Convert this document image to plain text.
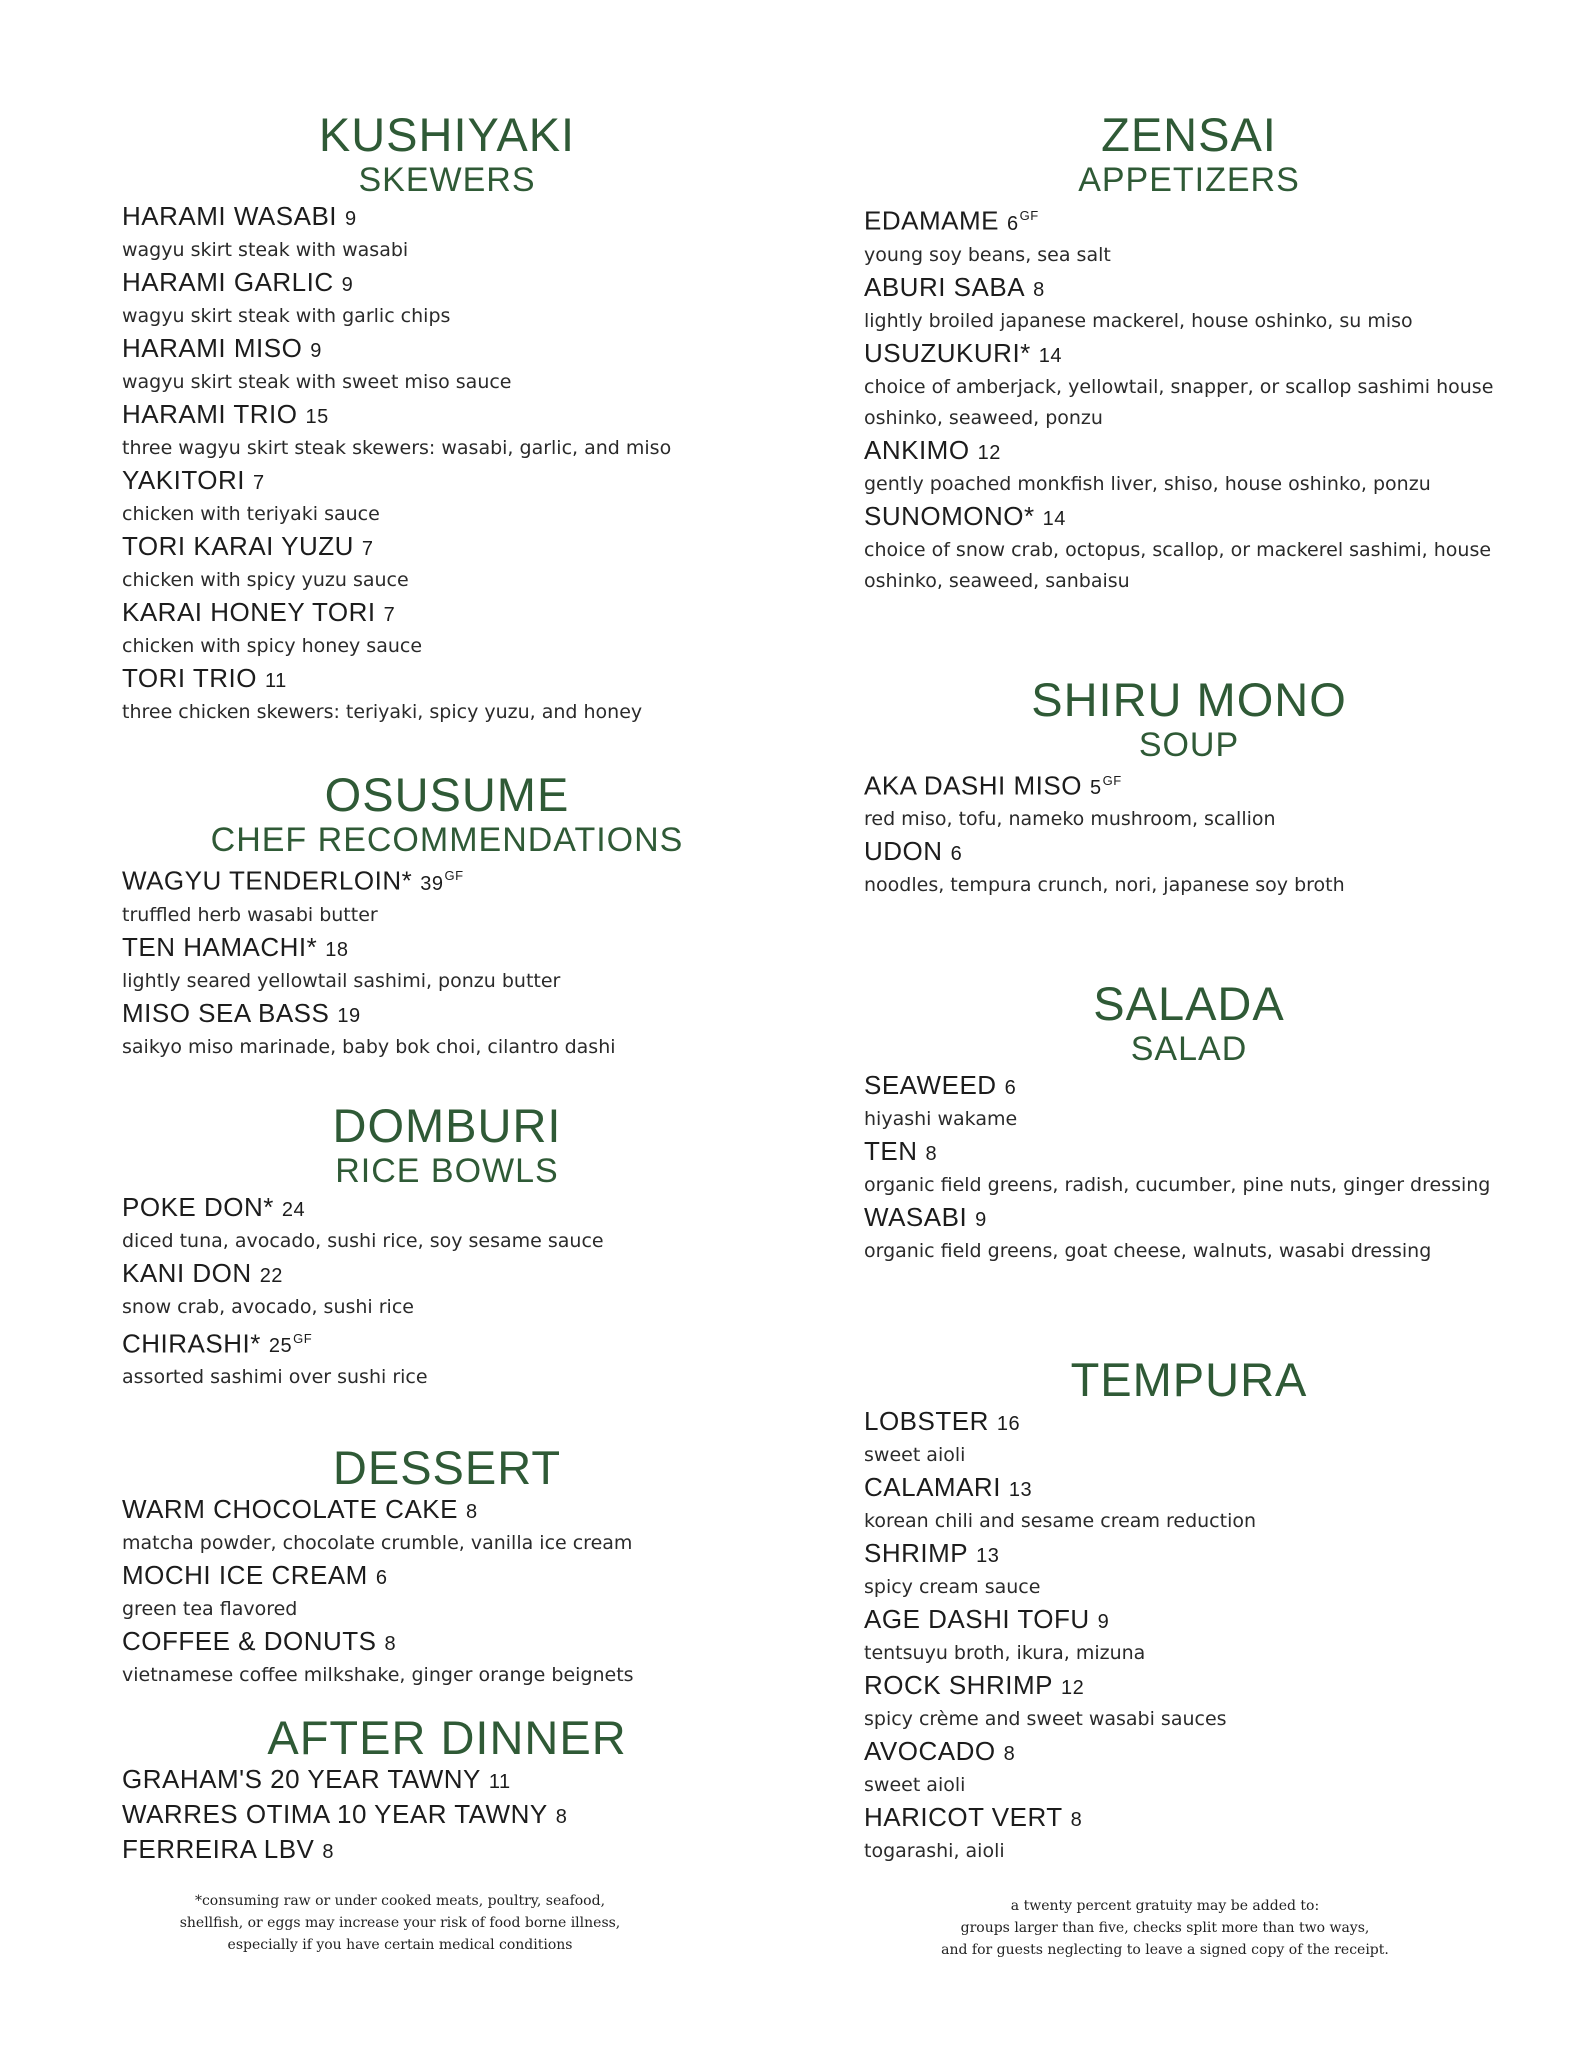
KUSHIYAKI
SKEWERS
HARAMI WASABI 9
wagyu skirt steak with wasabi
HARAMI GARLIC 9
wagyu skirt steak with garlic chips
HARAMI MISO 9
wagyu skirt steak with sweet miso sauce
HARAMI TRIO 15
three wagyu skirt steak skewers: wasabi, garlic, and miso
YAKITORI 7
chicken with teriyaki sauce
TORI KARAI YUZU 7
chicken with spicy yuzu sauce
KARAI HONEY TORI 7
chicken with spicy honey sauce
TORI TRIO 11
three chicken skewers: teriyaki, spicy yuzu, and honey
OSUSUME
CHEF RECOMMENDATIONS
WAGYU TENDERLOIN* $39^{GF}$
truffled herb wasabi butter
TEN HAMACHI* 18
lightly seared yellowtail sashimi, ponzu butter
MISO SEA BASS 19
saikyo miso marinade, baby bok choi, cilantro dashi
DOMBURI
RICE BOWLS
POKE DON* 24
diced tuna, avocado, sushi rice, soy sesame sauce
KANI DON 22
snow crab, avocado, sushi rice
CHIRASHI* $25^{GF}$
assorted sashimi over sushi rice
DESSERT
WARM CHOCOLATE CAKE 8
matcha powder, chocolate crumble, vanilla ice cream
MOCHI ICE CREAM 6
green tea flavored
COFFEE & DONUTS 8
vietnamese coffee milkshake, ginger orange beignets
AFTER DINNER
GRAHAM'S 20 YEAR TAWNY 11
WARRES OTIMA 10 YEAR TAWNY 8
FERREIRA LBV 8
ZENSAI
APPETIZERS
EDAMAME $6^{GF}$
young soy beans, sea salt
ABURI SABA 8
lightly broiled japanese mackerel, house oshinko, su miso
USUZUKURI* 14
choice of amberjack, yellowtail, snapper, or scallop sashimi house oshinko, seaweed, ponzu
ANKIMO 12
gently poached monkfish liver, shiso, house oshinko, ponzu
SUNOMONO* 14
choice of snow crab, octopus, scallop, or mackerel sashimi, house oshinko, seaweed, sanbaisu
SHIRU MONO
SOUP
AKA DASHI MISO $5^{GF}$
red miso, tofu, nameko mushroom, scallion
UDON 6
noodles, tempura crunch, nori, japanese soy broth
SALADA
SALAD
SEAWEED 6
hiyashi wakame
TEN 8
organic field greens, radish, cucumber, pine nuts, ginger dressing
WASABI 9
organic field greens, goat cheese, walnuts, wasabi dressing
TEMPURA
LOBSTER 16
sweet aioli
CALAMARI 13
korean chili and sesame cream reduction
SHRIMP 13
spicy cream sauce
AGE DASHI TOFU 9
tentsuyu broth, ikura, mizuna
ROCK SHRIMP 12
spicy crème and sweet wasabi sauces
AVOCADO 8
sweet aioli
HARICOT VERT 8
togarashi, aioli
*consuming raw or under cooked meats, poultry, seafood,
shellfish, or eggs may increase your risk of food borne illness,
especially if you have certain medical conditions
a twenty percent gratuity may be added to:
groups larger than five, checks split more than two ways,
and for guests neglecting to leave a signed copy of the receipt.
